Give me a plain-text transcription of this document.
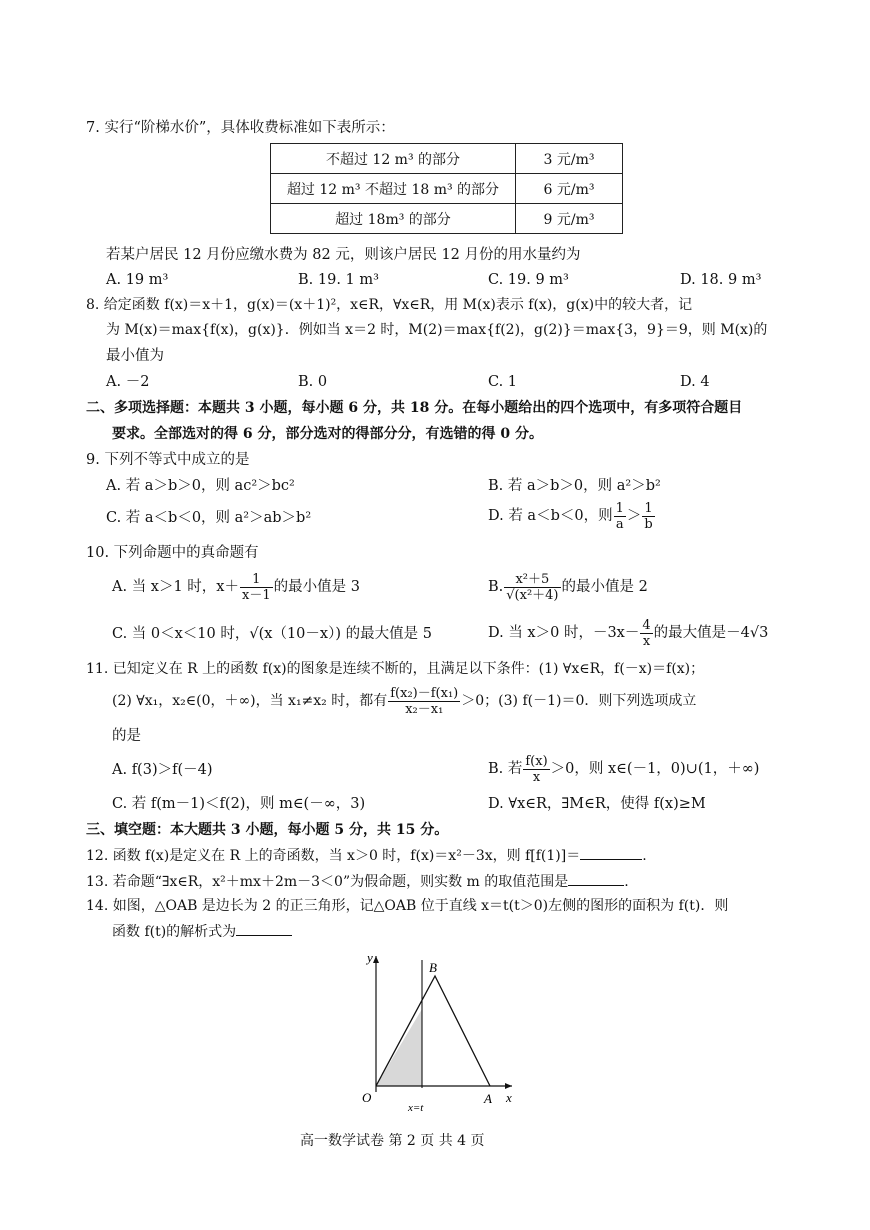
7. 实行“阶梯水价”，具体收费标准如下表所示：
不超过 12 m³ 的部分	3 元/m³
超过 12 m³ 不超过 18 m³ 的部分	6 元/m³
超过 18m³ 的部分	9 元/m³
若某户居民 12 月份应缴水费为 82 元，则该户居民 12 月份的用水量约为
A. 19 m³	B. 19. 1 m³	C. 19. 9 m³	D. 18. 9 m³
8. 给定函数 f(x)＝x＋1，g(x)＝(x＋1)²，x∈R，∀x∈R，用 M(x)表示 f(x)，g(x)中的较大者，记
为 M(x)＝max{f(x)，g(x)}．例如当 x＝2 时，M(2)＝max{f(2)，g(2)}＝max{3，9}＝9，则 M(x)的
最小值为
A. －2	B. 0	C. 1	D. 4
二、多项选择题：本题共 3 小题，每小题 6 分，共 18 分。在每小题给出的四个选项中，有多项符合题目
要求。全部选对的得 6 分，部分选对的得部分分，有选错的得 0 分。
9. 下列不等式中成立的是
A. 若 a＞b＞0，则 ac²＞bc²	B. 若 a＞b＞0，则 a²＞b²
C. 若 a＜b＜0，则 a²＞ab＞b²	D. 若 a＜b＜0，则 $\frac{1}{a} > \frac{1}{b}$
10. 下列命题中的真命题有
A. 当 x＞1 时，$x+ \frac{1}{x-1}$ 的最小值是 3	B. $\frac{\text{x²＋5}}{\text{√(x²＋4)}}$ 的最小值是 2
C. 当 0＜x＜10 时，√(x（10－x）) 的最大值是 5	D. 当 x＞0 时，$-3x- \frac{4}{x}$ 的最大值是－4√3
11. 已知定义在 R 上的函数 f(x)的图象是连续不断的，且满足以下条件：(1) ∀x∈R，f(－x)＝f(x)；
(2) ∀x₁，x₂∈(0，＋∞)，当 x₁≠x₂ 时，都有 $\frac{\text{f(x₂)－f(x₁)}}{\text{x₂－x₁}} >0$；(3) f(－1)＝0．则下列选项成立
的是
A. f(3)＞f(－4)	B. 若 $\frac{f(x)}{x} >0$，则 x∈(－1，0)∪(1，＋∞)
C. 若 f(m－1)＜f(2)，则 m∈(－∞，3)	D. ∀x∈R，∃M∈R，使得 f(x)≥M
三、填空题：本大题共 3 小题，每小题 5 分，共 15 分。
12. 函数 f(x)是定义在 R 上的奇函数，当 x＞0 时，f(x)＝x²－3x，则 f[f(1)]＝	.
13. 若命题“∃x∈R，x²＋mx＋2m－3＜0”为假命题，则实数 m 的取值范围是	.
14. 如图，△OAB 是边长为 2 的正三角形，记△OAB 位于直线 x＝t(t＞0)左侧的图形的面积为 f(t)．则
函数 f(t)的解析式为
y
x
O	A
B
x=t
高一数学试卷 第 2 页 共 4 页
